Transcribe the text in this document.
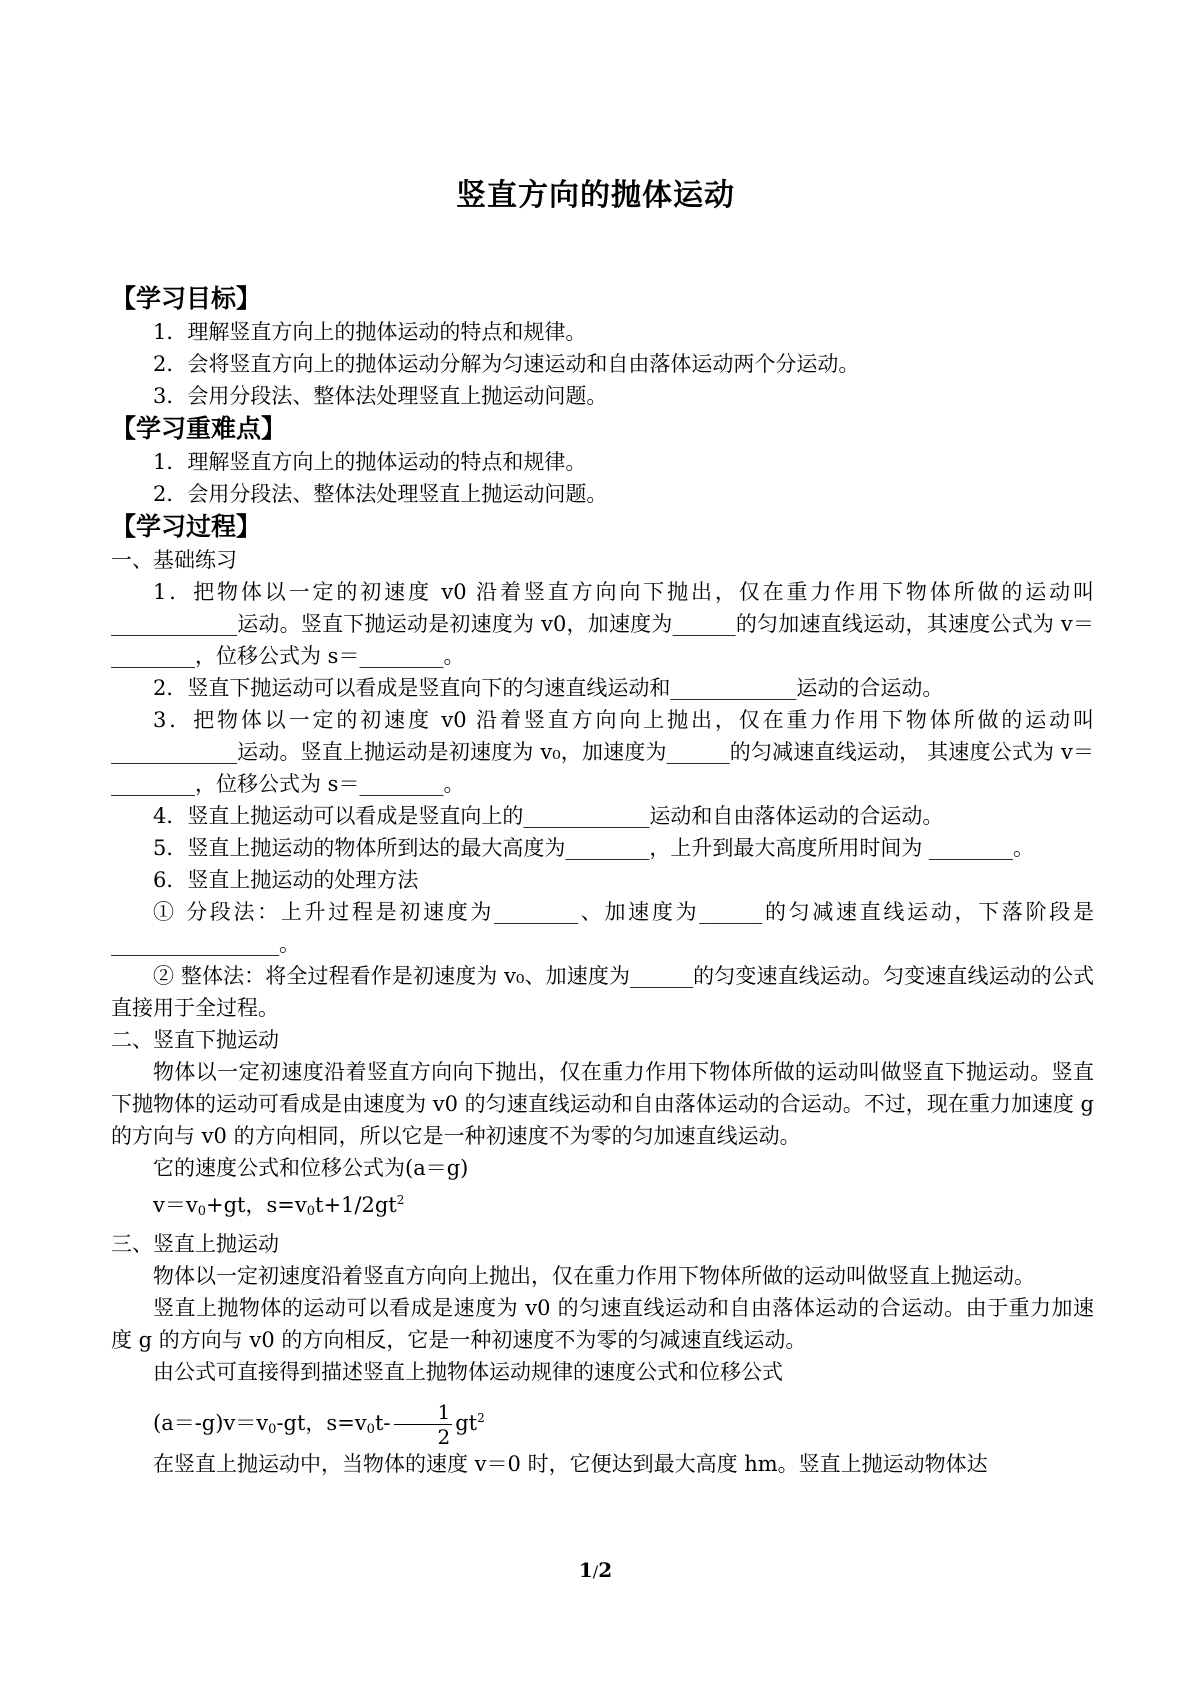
竖直方向的抛体运动
【学习目标】
1．理解竖直方向上的抛体运动的特点和规律。
2．会将竖直方向上的抛体运动分解为匀速运动和自由落体运动两个分运动。
3．会用分段法、整体法处理竖直上抛运动问题。
【学习重难点】
1．理解竖直方向上的抛体运动的特点和规律。
2．会用分段法、整体法处理竖直上抛运动问题。
【学习过程】
一、基础练习
1．把物体以一定的初速度 v0 沿着竖直方向向下抛出，仅在重力作用下物体所做的运动叫____________运动。竖直下抛运动是初速度为 v0，加速度为______的匀加速直线运动，其速度公式为 v＝________，位移公式为 s＝________。
2．竖直下抛运动可以看成是竖直向下的匀速直线运动和____________运动的合运动。
3．把物体以一定的初速度 v0 沿着竖直方向向上抛出，仅在重力作用下物体所做的运动叫____________运动。竖直上抛运动是初速度为 v₀，加速度为______的匀减速直线运动， 其速度公式为 v＝________，位移公式为 s＝________。
4．竖直上抛运动可以看成是竖直向上的____________运动和自由落体运动的合运动。
5．竖直上抛运动的物体所到达的最大高度为________，上升到最大高度所用时间为 ________。
6．竖直上抛运动的处理方法
① 分段法：上升过程是初速度为________、加速度为______的匀减速直线运动，下落阶段是________________。
② 整体法：将全过程看作是初速度为 v₀、加速度为______的匀变速直线运动。匀变速直线运动的公式直接用于全过程。
二、竖直下抛运动
物体以一定初速度沿着竖直方向向下抛出，仅在重力作用下物体所做的运动叫做竖直下抛运动。竖直下抛物体的运动可看成是由速度为 v0 的匀速直线运动和自由落体运动的合运动。不过，现在重力加速度 g 的方向与 v0 的方向相同，所以它是一种初速度不为零的匀加速直线运动。
它的速度公式和位移公式为(a＝g)
$v=v_0+gt$，$s=v_0t+1/2gt^2$
三、竖直上抛运动
物体以一定初速度沿着竖直方向向上抛出，仅在重力作用下物体所做的运动叫做竖直上抛运动。
竖直上抛物体的运动可以看成是速度为 v0 的匀速直线运动和自由落体运动的合运动。由于重力加速度 g 的方向与 v0 的方向相反，它是一种初速度不为零的匀减速直线运动。
由公式可直接得到描述竖直上抛物体运动规律的速度公式和位移公式
$(a=-g)v=v_0-gt$，$s=v_0t- \frac{1}{2} gt^2$
在竖直上抛运动中，当物体的速度 v＝0 时，它便达到最大高度 hm。竖直上抛运动物体达
1/2
